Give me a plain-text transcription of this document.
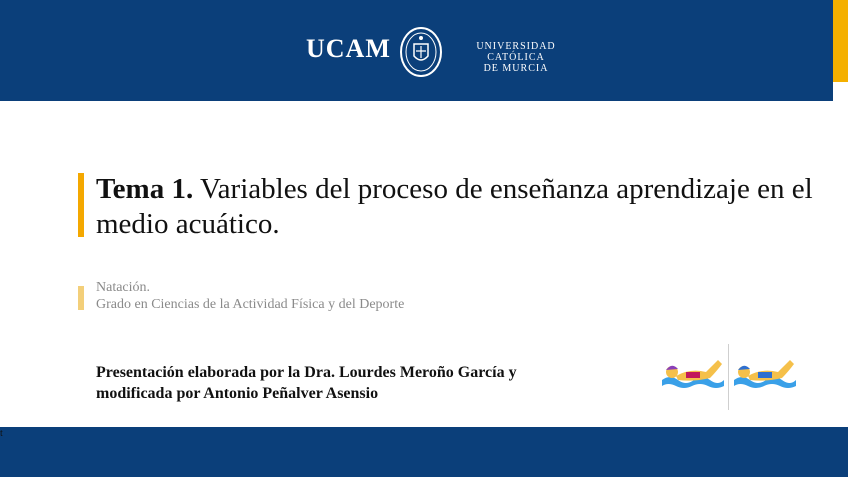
UCAM	UNIVERSIDAD CATÓLICA
DE MURCIA
Tema 1. Variables del proceso de enseñanza aprendizaje en el medio acuático.
Natación.
Grado en Ciencias de la Actividad Física y del Deporte
Presentación elaborada por la Dra. Lourdes Meroño García y
modificada por Antonio Peñalver Asensio
t
